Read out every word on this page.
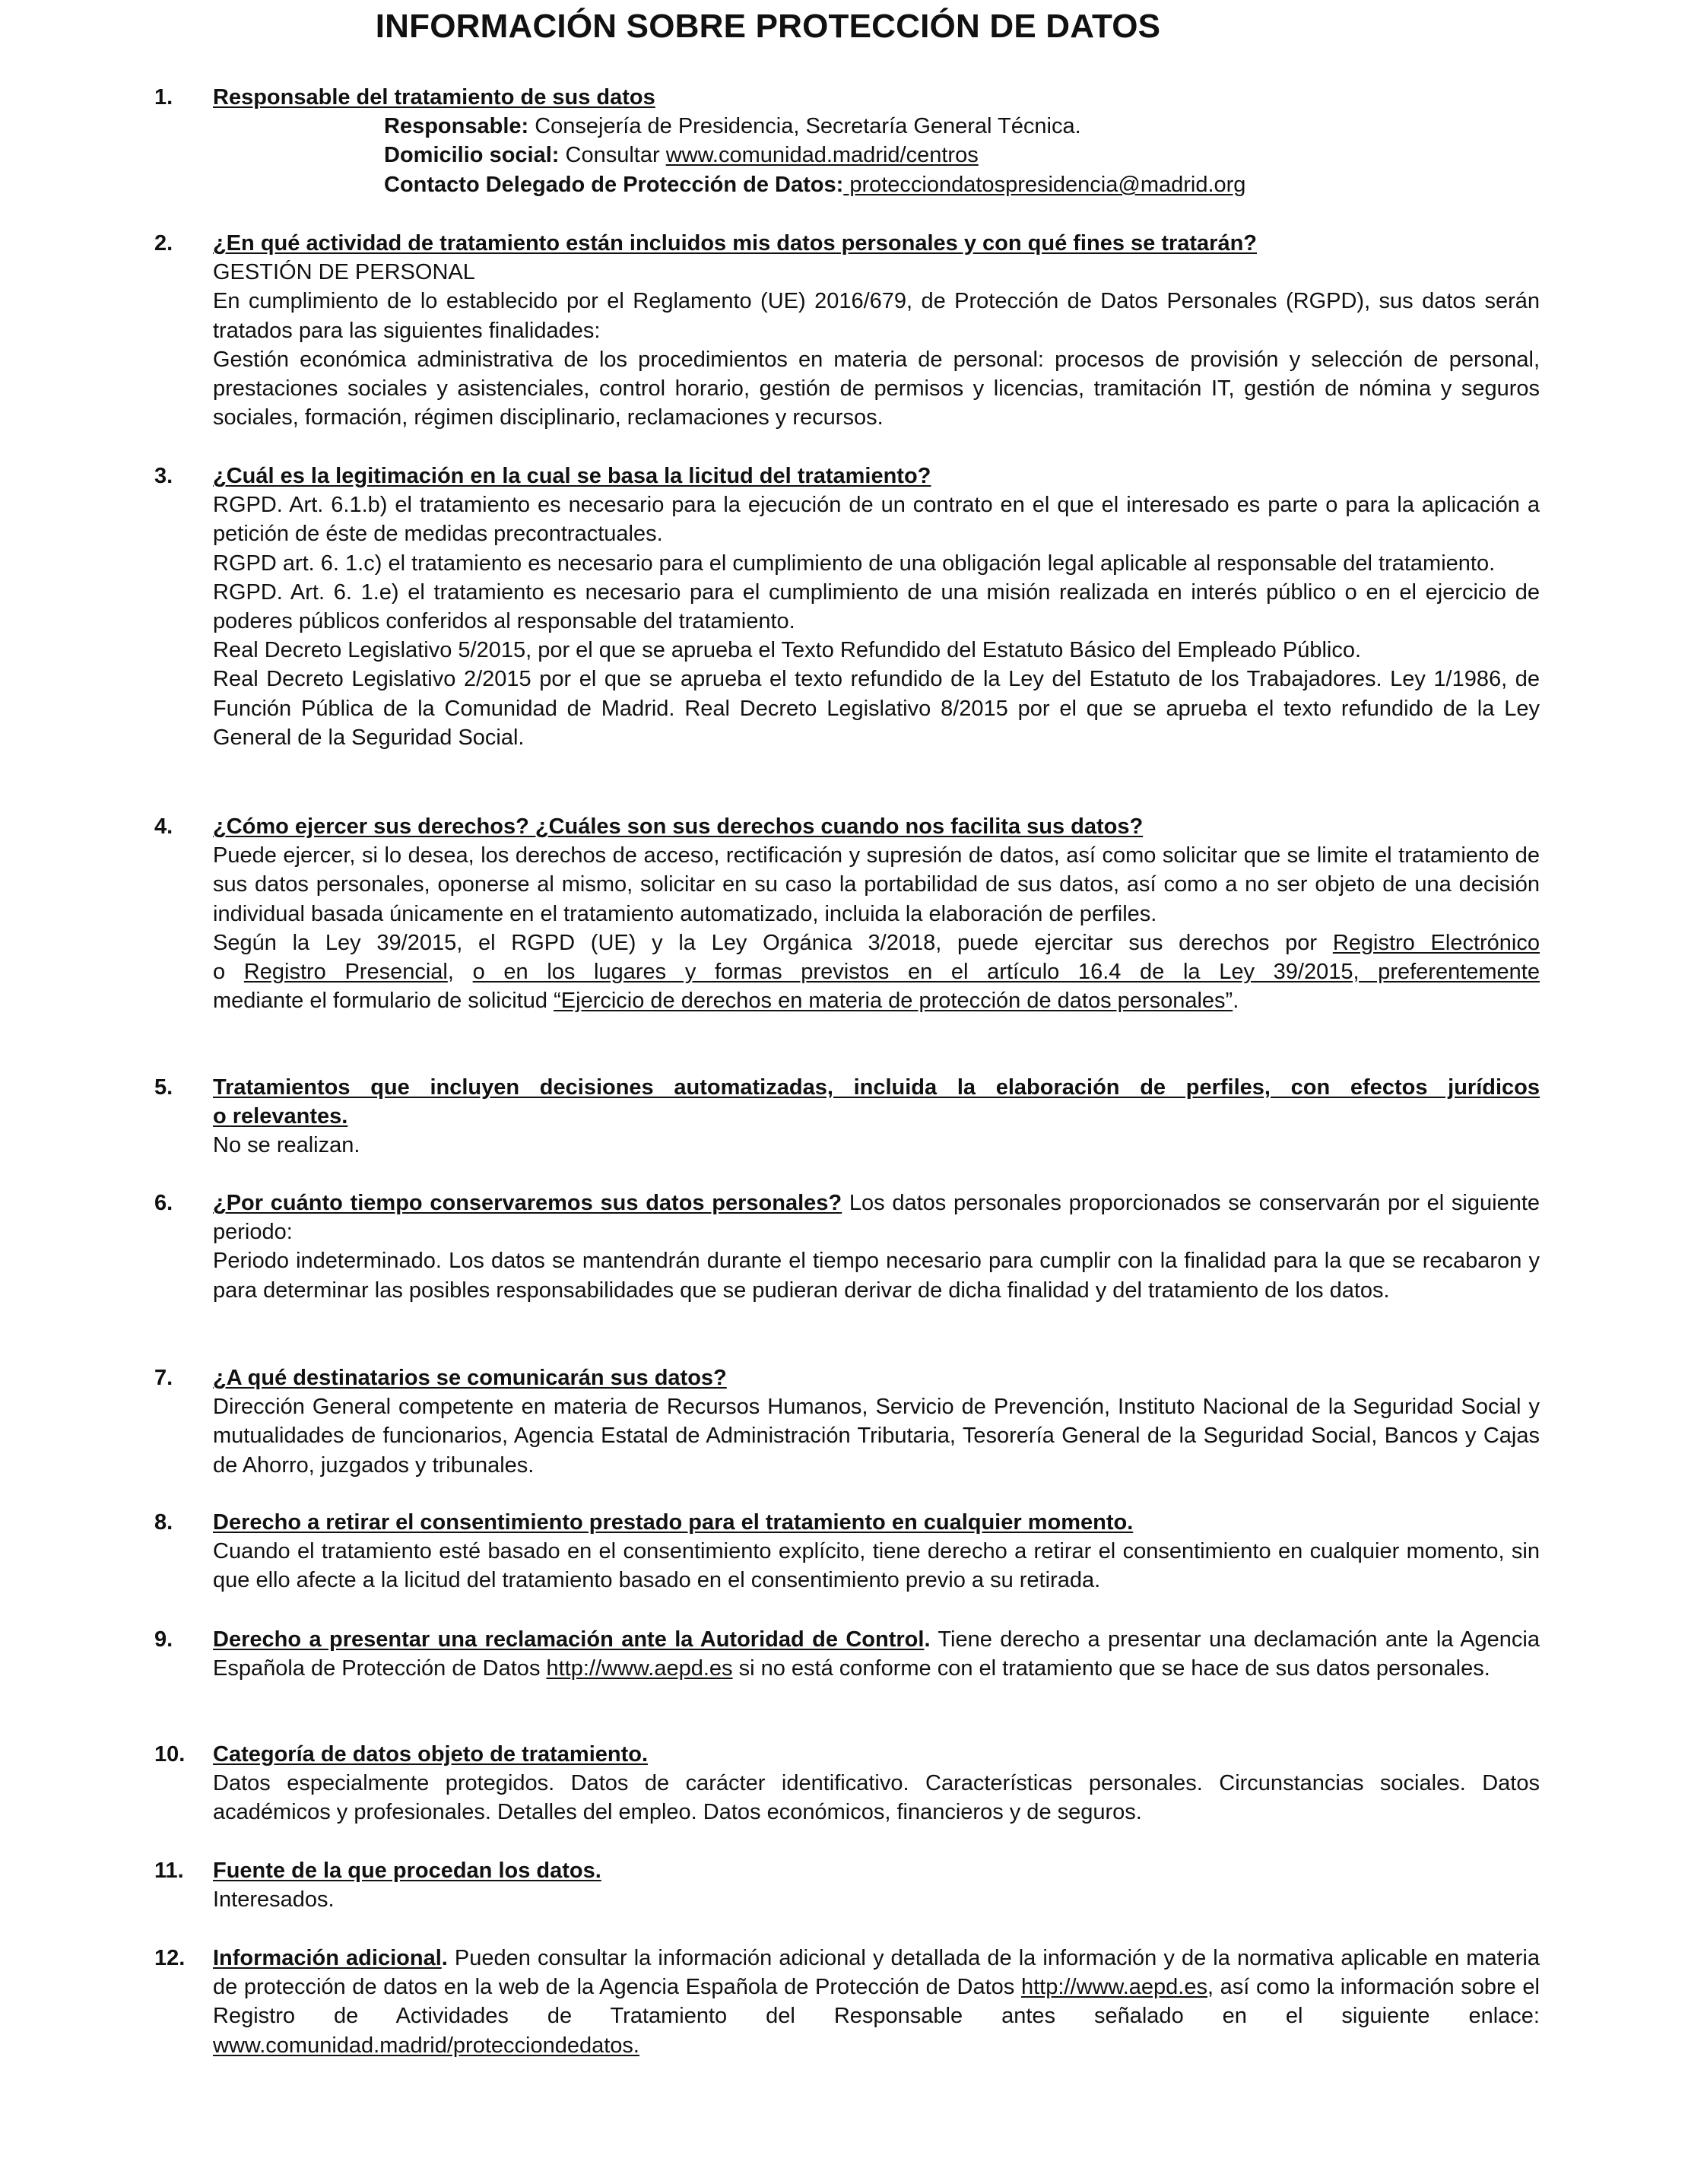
INFORMACIÓN SOBRE PROTECCIÓN DE DATOS
1. Responsable del tratamiento de sus datos
Responsable: Consejería de Presidencia, Secretaría General Técnica.
Domicilio social: Consultar www.comunidad.madrid/centros
Contacto Delegado de Protección de Datos: protecciondatospresidencia@madrid.org
2. ¿En qué actividad de tratamiento están incluidos mis datos personales y con qué fines se tratarán?
GESTIÓN DE PERSONAL
En cumplimiento de lo establecido por el Reglamento (UE) 2016/679, de Protección de Datos Personales (RGPD), sus datos serán tratados para las siguientes finalidades:
Gestión económica administrativa de los procedimientos en materia de personal: procesos de provisión y selección de personal, prestaciones sociales y asistenciales, control horario, gestión de permisos y licencias, tramitación IT, gestión de nómina y seguros sociales, formación, régimen disciplinario, reclamaciones y recursos.
3. ¿Cuál es la legitimación en la cual se basa la licitud del tratamiento?
RGPD. Art. 6.1.b) el tratamiento es necesario para la ejecución de un contrato en el que el interesado es parte o para la aplicación a petición de éste de medidas precontractuales.
RGPD art. 6. 1.c) el tratamiento es necesario para el cumplimiento de una obligación legal aplicable al responsable del tratamiento.
RGPD. Art. 6. 1.e) el tratamiento es necesario para el cumplimiento de una misión realizada en interés público o en el ejercicio de poderes públicos conferidos al responsable del tratamiento.
Real Decreto Legislativo 5/2015, por el que se aprueba el Texto Refundido del Estatuto Básico del Empleado Público.
Real Decreto Legislativo 2/2015 por el que se aprueba el texto refundido de la Ley del Estatuto de los Trabajadores. Ley 1/1986, de Función Pública de la Comunidad de Madrid. Real Decreto Legislativo 8/2015 por el que se aprueba el texto refundido de la Ley General de la Seguridad Social.
4. ¿Cómo ejercer sus derechos? ¿Cuáles son sus derechos cuando nos facilita sus datos?
Puede ejercer, si lo desea, los derechos de acceso, rectificación y supresión de datos, así como solicitar que se limite el tratamiento de sus datos personales, oponerse al mismo, solicitar en su caso la portabilidad de sus datos, así como a no ser objeto de una decisión individual basada únicamente en el tratamiento automatizado, incluida la elaboración de perfiles.
Según la Ley 39/2015, el RGPD (UE) y la Ley Orgánica 3/2018, puede ejercitar sus derechos por Registro Electrónico
o Registro Presencial, o en los lugares y formas previstos en el artículo 16.4 de la Ley 39/2015, preferentemente
mediante el formulario de solicitud “Ejercicio de derechos en materia de protección de datos personales”.
5. Tratamientos que incluyen decisiones automatizadas, incluida la elaboración de perfiles, con efectos jurídicos
o relevantes.
No se realizan.
6. ¿Por cuánto tiempo conservaremos sus datos personales? Los datos personales proporcionados se conservarán por el siguiente periodo:
Periodo indeterminado. Los datos se mantendrán durante el tiempo necesario para cumplir con la finalidad para la que se recabaron y para determinar las posibles responsabilidades que se pudieran derivar de dicha finalidad y del tratamiento de los datos.
7. ¿A qué destinatarios se comunicarán sus datos?
Dirección General competente en materia de Recursos Humanos, Servicio de Prevención, Instituto Nacional de la Seguridad Social y mutualidades de funcionarios, Agencia Estatal de Administración Tributaria, Tesorería General de la Seguridad Social, Bancos y Cajas de Ahorro, juzgados y tribunales.
8. Derecho a retirar el consentimiento prestado para el tratamiento en cualquier momento.
Cuando el tratamiento esté basado en el consentimiento explícito, tiene derecho a retirar el consentimiento en cualquier momento, sin que ello afecte a la licitud del tratamiento basado en el consentimiento previo a su retirada.
9. Derecho a presentar una reclamación ante la Autoridad de Control. Tiene derecho a presentar una declamación ante la Agencia Española de Protección de Datos http://www.aepd.es si no está conforme con el tratamiento que se hace de sus datos personales.
10. Categoría de datos objeto de tratamiento.
Datos especialmente protegidos. Datos de carácter identificativo. Características personales. Circunstancias sociales. Datos académicos y profesionales. Detalles del empleo. Datos económicos, financieros y de seguros.
11. Fuente de la que procedan los datos.
Interesados.
12. Información adicional. Pueden consultar la información adicional y detallada de la información y de la normativa aplicable en materia de protección de datos en la web de la Agencia Española de Protección de Datos http://www.aepd.es, así como la información sobre el Registro de Actividades de Tratamiento del Responsable antes señalado en el siguiente enlace: www.comunidad.madrid/protecciondedatos.
